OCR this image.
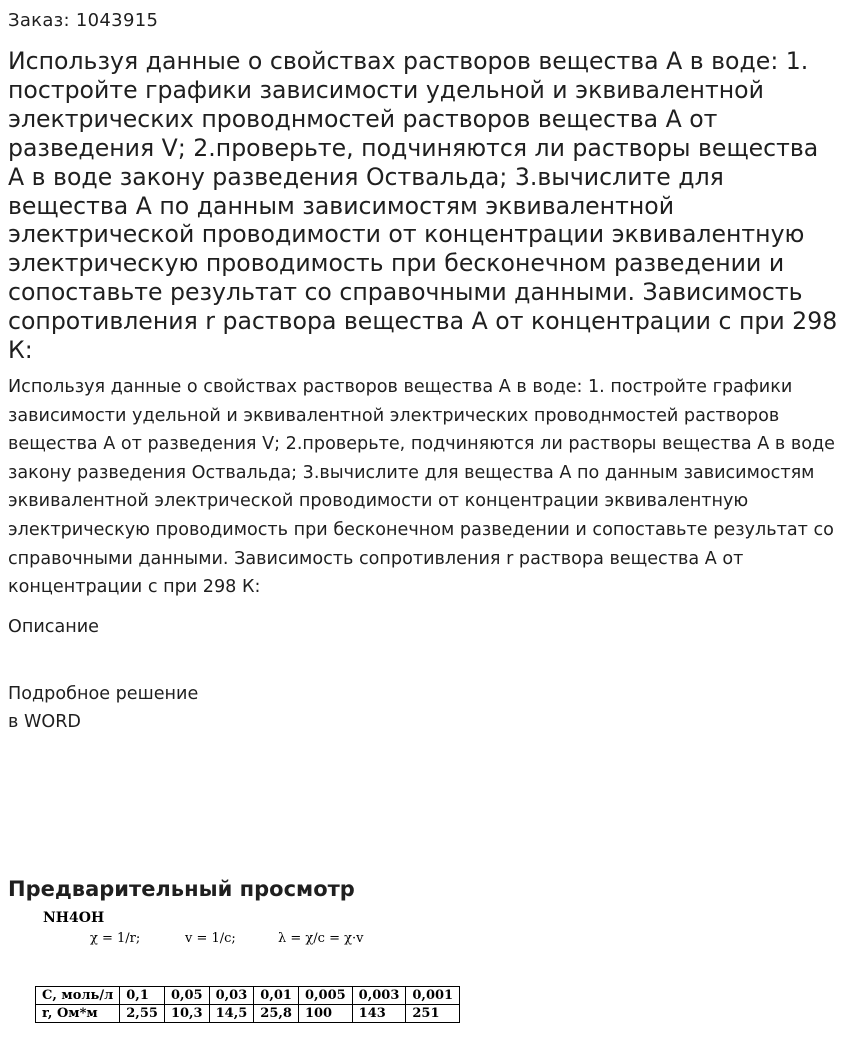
Заказ: 1043915
Используя данные о свойствах растворов вещества А в воде: 1. постройте графики зависимости удельной и эквивалентной электрических проводнмостей растворов вещества А от разведения V; 2.проверьте, подчиняются ли растворы вещества А в воде закону разведения Оствальда; 3.вычислите для вещества А по данным зависимостям эквивалентной электрической проводимости от концентрации эквивалентную электрическую проводимость при бесконечном разведении и сопоставьте результат со справочными данными. Зависимость сопротивления r раствора вещества А от концентрации с при 298 К:

Используя данные о свойствах растворов вещества А в воде: 1. постройте графики зависимости удельной и эквивалентной электрических проводнмостей растворов вещества А от разведения V; 2.проверьте, подчиняются ли растворы вещества А в воде закону разведения Оствальда; 3.вычислите для вещества А по данным зависимостям эквивалентной электрической проводимости от концентрации эквивалентную электрическую проводимость при бесконечном разведении и сопоставьте результат со справочными данными. Зависимость сопротивления r раствора вещества А от концентрации с при 298 К:

Описание
Подробное решение
в WORD
Предварительный просмотр
NH4OH
χ = 1/r;	v = 1/c;	λ = χ/c = χ·v
С, моль/л	0,1	0,05	0,03	0,01	0,005	0,003	0,001
r, Ом*м	2,55	10,3	14,5	25,8	100	143	251
